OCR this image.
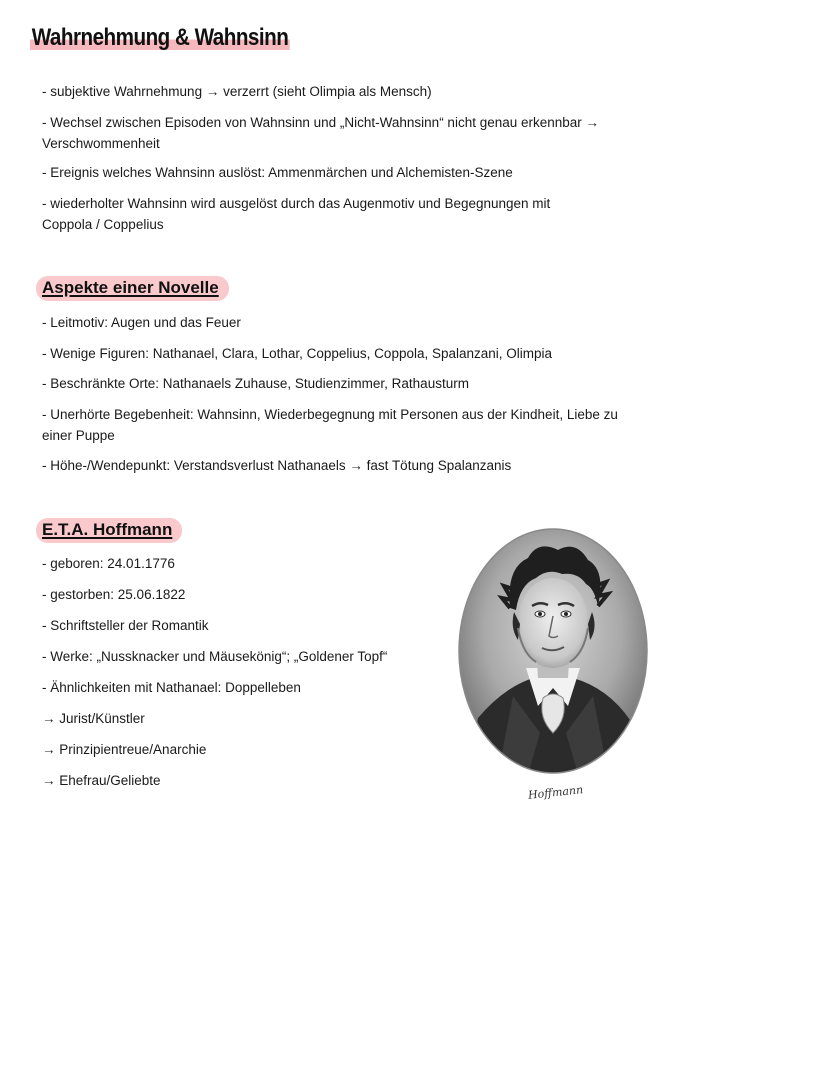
Wahrnehmung & Wahnsinn
- subjektive Wahrnehmung → verzerrt (sieht Olimpia als Mensch)
- Wechsel zwischen Episoden von Wahnsinn und „Nicht-Wahnsinn“ nicht genau erkennbar → Verschwommenheit
- Ereignis welches Wahnsinn auslöst: Ammenmärchen und Alchemisten-Szene
- wiederholter Wahnsinn wird ausgelöst durch das Augenmotiv und Begegnungen mit Coppola / Coppelius
Aspekte einer Novelle
- Leitmotiv: Augen und das Feuer
- Wenige Figuren: Nathanael, Clara, Lothar, Coppelius, Coppola, Spalanzani, Olimpia
- Beschränkte Orte: Nathanaels Zuhause, Studienzimmer, Rathausturm
- Unerhörte Begebenheit: Wahnsinn, Wiederbegegnung mit Personen aus der Kindheit, Liebe zu einer Puppe
- Höhe-/Wendepunkt: Verstandsverlust Nathanaels → fast Tötung Spalanzanis
E.T.A. Hoffmann
- geboren: 24.01.1776
- gestorben: 25.06.1822
- Schriftsteller der Romantik
- Werke: „Nussknacker und Mäusekönig“; „Goldener Topf“
- Ähnlichkeiten mit Nathanael: Doppelleben
→ Jurist/Künstler
→ Prinzipientreue/Anarchie
→ Ehefrau/Geliebte
Hoffmann
